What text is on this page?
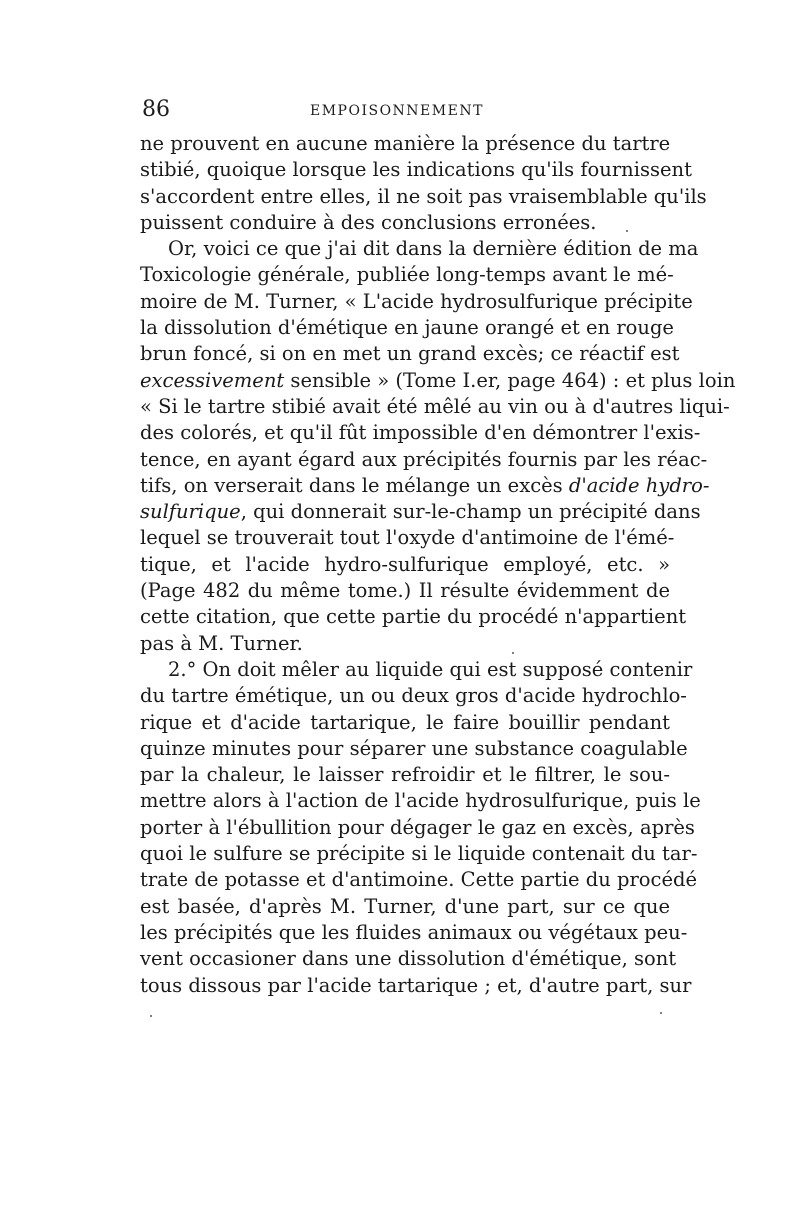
86	EMPOISONNEMENT
ne prouvent en aucune manière la présence du tartre
stibié, quoique lorsque les indications qu'ils fournissent
s'accordent entre elles, il ne soit pas vraisemblable qu'ils
puissent conduire à des conclusions erronées.
Or, voici ce que j'ai dit dans la dernière édition de ma
Toxicologie générale, publiée long-temps avant le mé-
moire de M. Turner, « L'acide hydrosulfurique précipite
la dissolution d'émétique en jaune orangé et en rouge
brun foncé, si on en met un grand excès; ce réactif est
excessivement sensible » (Tome I.er, page 464) : et plus loin
« Si le tartre stibié avait été mêlé au vin ou à d'autres liqui-
des colorés, et qu'il fût impossible d'en démontrer l'exis-
tence, en ayant égard aux précipités fournis par les réac-
tifs, on verserait dans le mélange un excès d'acide hydro-
sulfurique, qui donnerait sur-le-champ un précipité dans
lequel se trouverait tout l'oxyde d'antimoine de l'émé-
tique, et l'acide hydro-sulfurique employé, etc. »
(Page 482 du même tome.) Il résulte évidemment de
cette citation, que cette partie du procédé n'appartient
pas à M. Turner.
2.° On doit mêler au liquide qui est supposé contenir
du tartre émétique, un ou deux gros d'acide hydrochlo-
rique et d'acide tartarique, le faire bouillir pendant
quinze minutes pour séparer une substance coagulable
par la chaleur, le laisser refroidir et le filtrer, le sou-
mettre alors à l'action de l'acide hydrosulfurique, puis le
porter à l'ébullition pour dégager le gaz en excès, après
quoi le sulfure se précipite si le liquide contenait du tar-
trate de potasse et d'antimoine. Cette partie du procédé
est basée, d'après M. Turner, d'une part, sur ce que
les précipités que les fluides animaux ou végétaux peu-
vent occasioner dans une dissolution d'émétique, sont
tous dissous par l'acide tartarique ; et, d'autre part, sur
